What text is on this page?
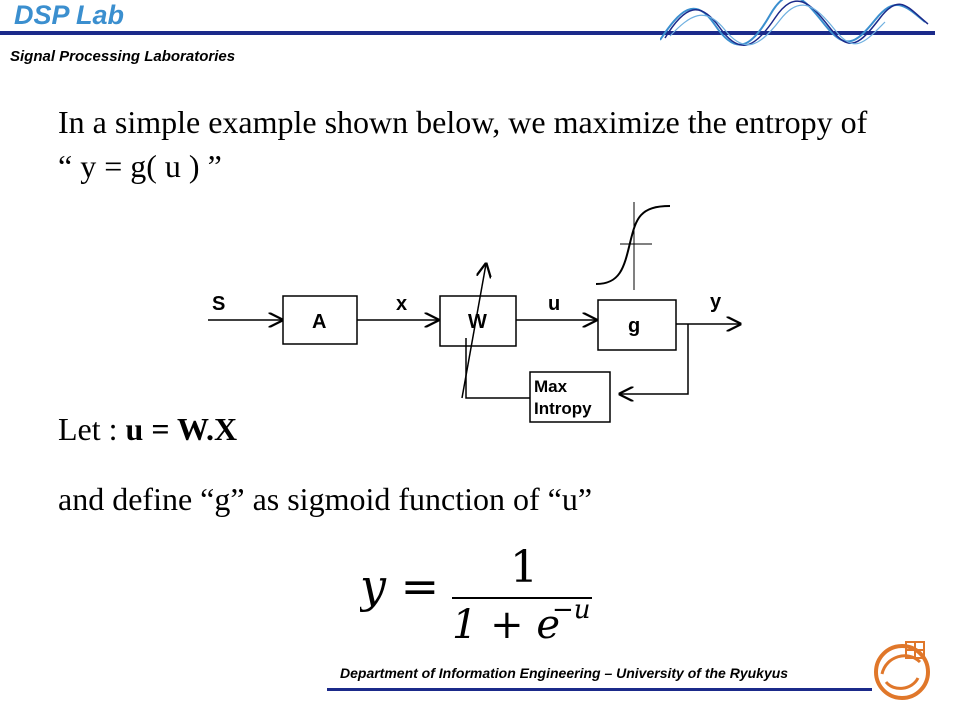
DSP Lab
Signal Processing Laboratories
In a simple example shown below, we maximize the entropy of “ y = g( u ) ”
S	x	u	y
A	W	g
Max
Intropy
Let : u = W.X
and define “g” as sigmoid function of “u”
y = 1
1 + e
−u
Department of Information Engineering – University of the Ryukyus
